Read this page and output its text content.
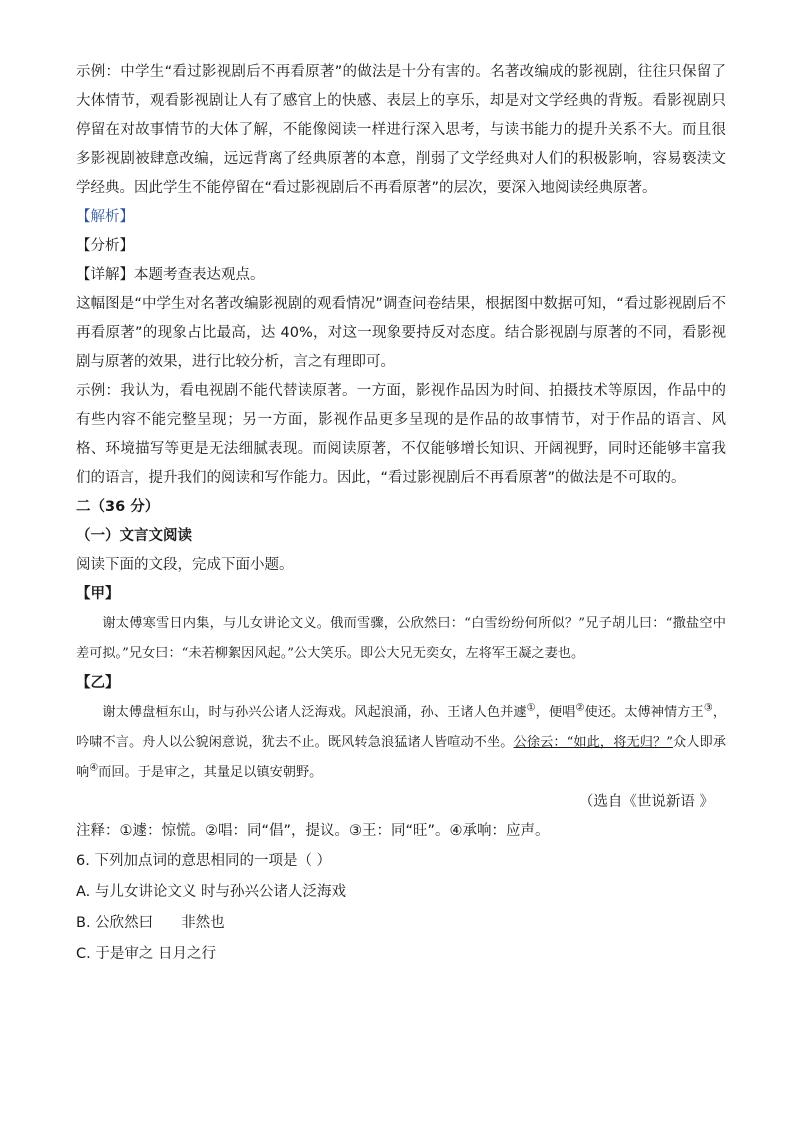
示例：中学生“看过影视剧后不再看原著”的做法是十分有害的。名著改编成的影视剧，往往只保留了大体情节，观看影视剧让人有了感官上的快感、表层上的享乐，却是对文学经典的背叛。看影视剧只停留在对故事情节的大体了解，不能像阅读一样进行深入思考，与读书能力的提升关系不大。而且很多影视剧被肆意改编，远远背离了经典原著的本意，削弱了文学经典对人们的积极影响，容易亵渎文学经典。因此学生不能停留在“看过影视剧后不再看原著”的层次，要深入地阅读经典原著。

【解析】

【分析】

【详解】本题考查表达观点。

这幅图是“中学生对名著改编影视剧的观看情况”调查问卷结果，根据图中数据可知，“看过影视剧后不再看原著”的现象占比最高，达 40%，对这一现象要持反对态度。结合影视剧与原著的不同，看影视剧与原著的效果，进行比较分析，言之有理即可。

示例：我认为，看电视剧不能代替读原著。一方面，影视作品因为时间、拍摄技术等原因，作品中的有些内容不能完整呈现；另一方面，影视作品更多呈现的是作品的故事情节，对于作品的语言、风格、环境描写等更是无法细腻表现。而阅读原著，不仅能够增长知识、开阔视野，同时还能够丰富我们的语言，提升我们的阅读和写作能力。因此，“看过影视剧后不再看原著”的做法是不可取的。

二（36 分）

（一）文言文阅读

阅读下面的文段，完成下面小题。

【甲】

谢太傅寒雪日内集，与儿女讲论文义。俄而雪骤，公欣然曰：“白雪纷纷何所似？”兄子胡儿曰：“撒盐空中差可拟。”兄女曰：“未若柳絮因风起。”公大笑乐。即公大兄无奕女，左将军王凝之妻也。

【乙】

谢太傅盘桓东山，时与孙兴公诸人泛海戏。风起浪涌，孙、王诸人色并遽①，便唱②使还。太傅神情方王③，吟啸不言。舟人以公貌闲意说，犹去不止。既风转急浪猛诸人皆喧动不坐。公徐云：“如此，将无归？”众人即承响④而回。于是审之，其量足以镇安朝野。

（选自《世说新语 》

注释：①遽：惊慌。②唱：同“倡”，提议。③王：同“旺”。④承响：应声。

6. 下列加点词的意思相同的一项是（ ）

A. 与儿女讲论文义 时与孙兴公诸人泛海戏

B. 公欣然曰 非然也

C. 于是审之 日月之行
